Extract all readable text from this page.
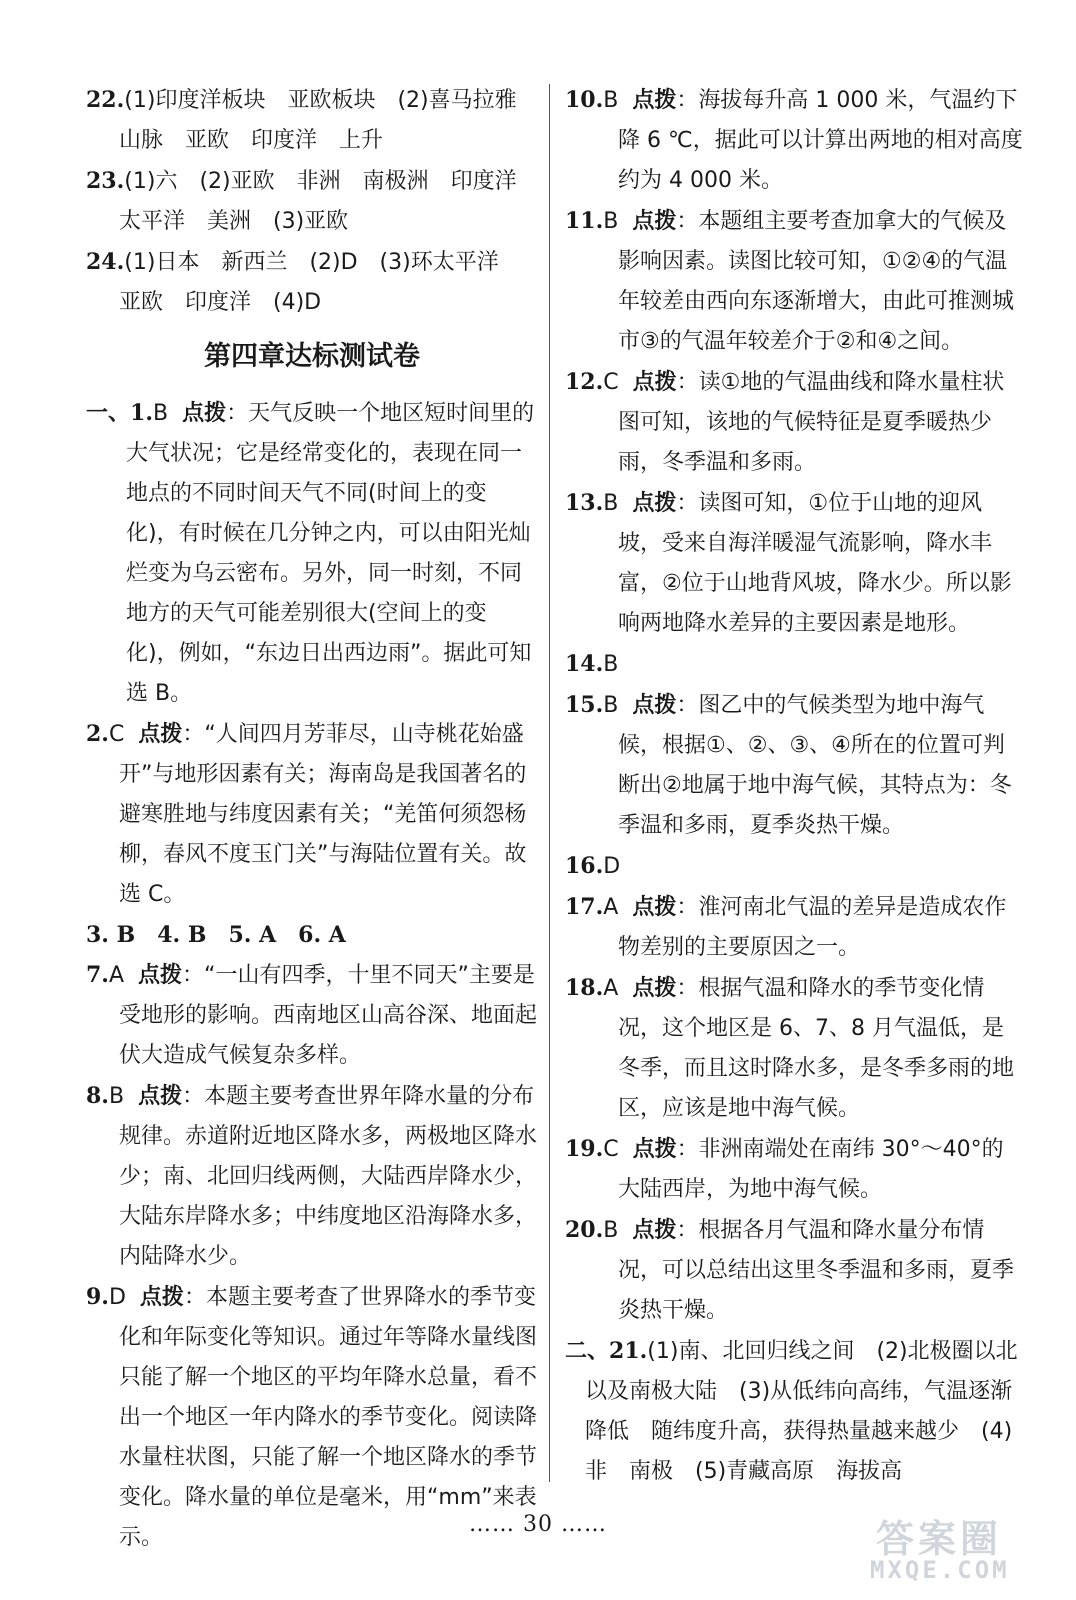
22.(1)印度洋板块　亚欧板块　(2)喜马拉雅山脉　亚欧　印度洋　上升

23.(1)六　(2)亚欧　非洲　南极洲　印度洋　太平洋　美洲　(3)亚欧

24.(1)日本　新西兰　(2)D　(3)环太平洋　亚欧　印度洋　(4)D

第四章达标测试卷

一、1.B 点拨：天气反映一个地区短时间里的大气状况；它是经常变化的，表现在同一地点的不同时间天气不同(时间上的变化)，有时候在几分钟之内，可以由阳光灿烂变为乌云密布。另外，同一时刻，不同地方的天气可能差别很大(空间上的变化)，例如，“东边日出西边雨”。据此可知选 B。

2.C 点拨：“人间四月芳菲尽，山寺桃花始盛开”与地形因素有关；海南岛是我国著名的避寒胜地与纬度因素有关；“羌笛何须怨杨柳，春风不度玉门关”与海陆位置有关。故选 C。

3. B　4. B　5. A　6. A

7.A 点拨：“一山有四季，十里不同天”主要是受地形的影响。西南地区山高谷深、地面起伏大造成气候复杂多样。

8.B 点拨：本题主要考查世界年降水量的分布规律。赤道附近地区降水多，两极地区降水少；南、北回归线两侧，大陆西岸降水少，大陆东岸降水多；中纬度地区沿海降水多，内陆降水少。

9.D 点拨：本题主要考查了世界降水的季节变化和年际变化等知识。通过年等降水量线图只能了解一个地区的平均年降水总量，看不出一个地区一年内降水的季节变化。阅读降水量柱状图，只能了解一个地区降水的季节变化。降水量的单位是毫米，用“mm”来表示。

10.B 点拨：海拔每升高 1 000 米，气温约下降 6 ℃，据此可以计算出两地的相对高度约为 4 000 米。

11.B 点拨：本题组主要考查加拿大的气候及影响因素。读图比较可知，①②④的气温年较差由西向东逐渐增大，由此可推测城市③的气温年较差介于②和④之间。

12.C 点拨：读①地的气温曲线和降水量柱状图可知，该地的气候特征是夏季暖热少雨，冬季温和多雨。

13.B 点拨：读图可知，①位于山地的迎风坡，受来自海洋暖湿气流影响，降水丰富，②位于山地背风坡，降水少。所以影响两地降水差异的主要因素是地形。

14.B

15.B 点拨：图乙中的气候类型为地中海气候，根据①、②、③、④所在的位置可判断出②地属于地中海气候，其特点为：冬季温和多雨，夏季炎热干燥。

16.D

17.A 点拨：淮河南北气温的差异是造成农作物差别的主要原因之一。

18.A 点拨：根据气温和降水的季节变化情况，这个地区是 6、7、8 月气温低，是冬季，而且这时降水多，是冬季多雨的地区，应该是地中海气候。

19.C 点拨：非洲南端处在南纬 30°～40°的大陆西岸，为地中海气候。

20.B 点拨：根据各月气温和降水量分布情况，可以总结出这里冬季温和多雨，夏季炎热干燥。

二、21.(1)南、北回归线之间　(2)北极圈以北以及南极大陆　(3)从低纬向高纬，气温逐渐降低　随纬度升高，获得热量越来越少　(4)非　南极　(5)青藏高原　海拔高

…… 30 ……	答案圈
MXQE.COM
